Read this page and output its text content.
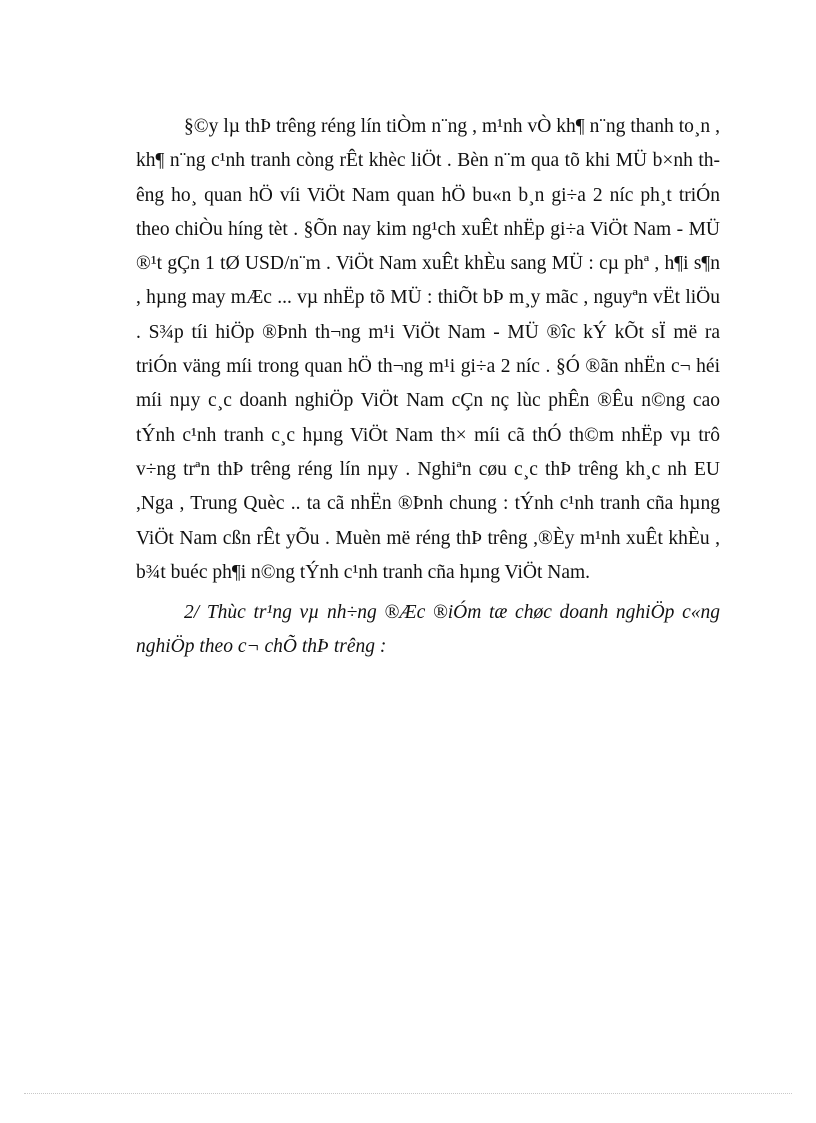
§©y lµ thÞ trêng réng lín tiÒm n¨ng , m¹nh vÒ kh¶ n¨ng thanh to¸n , kh¶ n¨ng c¹nh tranh còng rÊt khèc liÖt . Bèn n¨m qua tõ khi MÜ b×nh thêng ho¸ quan hÖ víi ViÖt Nam quan hÖ bu«n b¸n gi÷a 2 níc ph¸t triÓn theo chiÒu híng tèt . §Õn nay kim ng¹ch xuÊt nhËp gi÷a ViÖt Nam - MÜ ®¹t gÇn 1 tØ USD/n¨m . ViÖt Nam xuÊt khÈu sang MÜ : cµ phª , h¶i s¶n , hµng may mÆc ... vµ nhËp tõ MÜ : thiÕt bÞ m¸y mãc , nguyªn vËt liÖu . S¾p tíi hiÖp ®Þnh th¬ng m¹i ViÖt Nam - MÜ ®îc kÝ kÕt sÏ më ra triÓn väng míi trong quan hÖ th¬ng m¹i gi÷a 2 níc . §Ó ®ãn nhËn c¬ héi míi nµy c¸c doanh nghiÖp ViÖt Nam cÇn nç lùc phÊn ®Êu n©ng cao tÝnh c¹nh tranh c¸c hµng ViÖt Nam th× míi cã thÓ th©m nhËp vµ trô v÷ng trªn thÞ trêng réng lín nµy . Nghiªn cøu c¸c thÞ trêng kh¸c nh EU ,Nga , Trung Quèc .. ta cã nhËn ®Þnh chung : tÝnh c¹nh tranh cña hµng ViÖt Nam cßn rÊt yÕu . Muèn më réng thÞ trêng ,®Èy m¹nh xuÊt khÈu , b¾t buéc ph¶i n©ng tÝnh c¹nh tranh cña hµng ViÖt Nam.

2/ Thùc tr¹ng vµ nh÷ng ®Æc ®iÓm tæ chøc doanh nghiÖp c«ng nghiÖp theo c¬ chÕ thÞ trêng :
